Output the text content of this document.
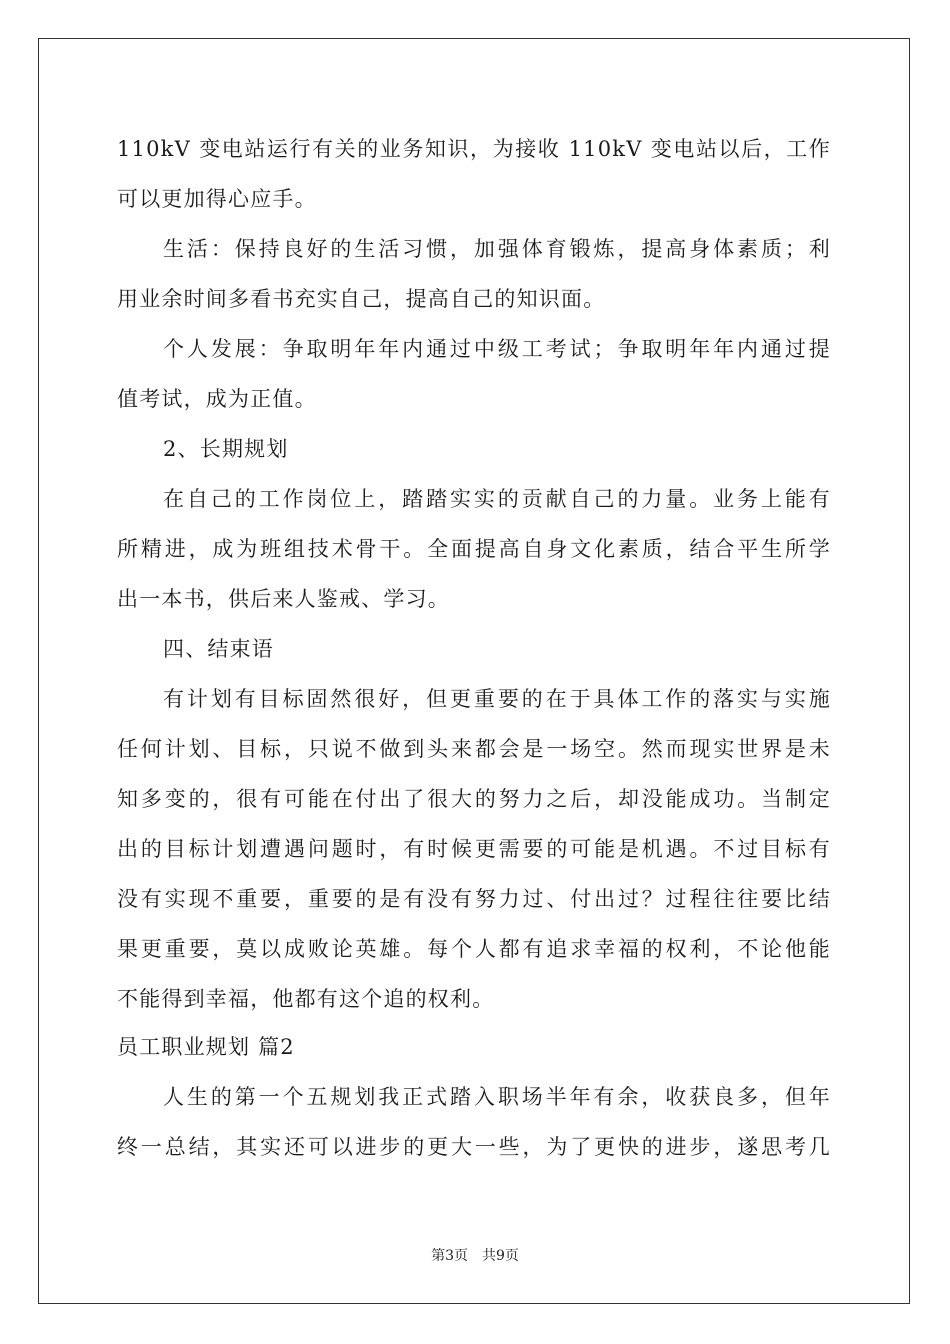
110kV 变电站运行有关的业务知识，为接收 110kV 变电站以后，工作
可以更加得心应手。
生活：保持良好的生活习惯，加强体育锻炼，提高身体素质；利
用业余时间多看书充实自己，提高自己的知识面。
个人发展：争取明年年内通过中级工考试；争取明年年内通过提
值考试，成为正值。
2、长期规划
在自己的工作岗位上，踏踏实实的贡献自己的力量。业务上能有
所精进，成为班组技术骨干。全面提高自身文化素质，结合平生所学
出一本书，供后来人鉴戒、学习。
四、结束语
有计划有目标固然很好，但更重要的在于具体工作的落实与实施
任何计划、目标，只说不做到头来都会是一场空。然而现实世界是未
知多变的，很有可能在付出了很大的努力之后，却没能成功。当制定
出的目标计划遭遇问题时，有时候更需要的可能是机遇。不过目标有
没有实现不重要，重要的是有没有努力过、付出过？过程往往要比结
果更重要，莫以成败论英雄。每个人都有追求幸福的权利，不论他能
不能得到幸福，他都有这个追的权利。
员工职业规划 篇2
人生的第一个五规划我正式踏入职场半年有余，收获良多，但年
终一总结，其实还可以进步的更大一些，为了更快的进步，遂思考几
第3页　共9页
